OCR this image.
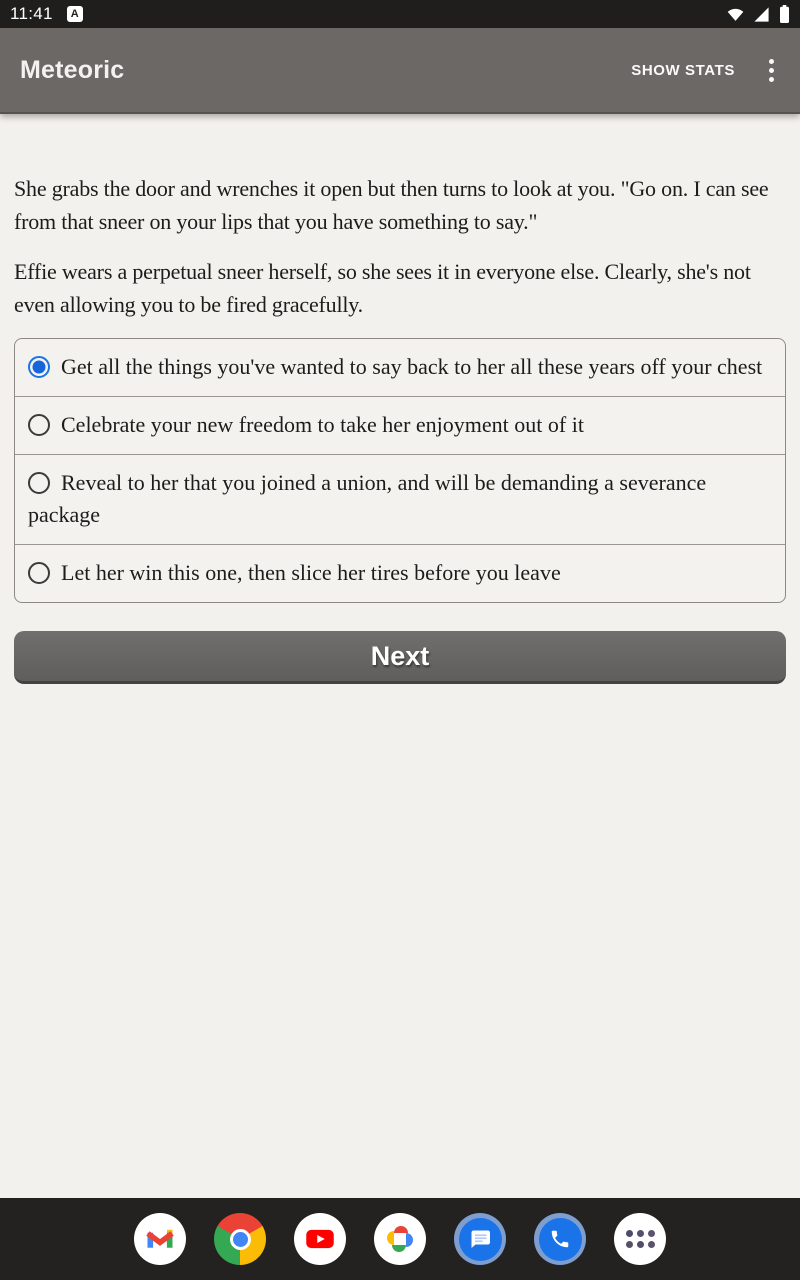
11:41	A
Meteoric	SHOW STATS

She grabs the door and wrenches it open but then turns to look at you. "Go on. I can see from that sneer on your lips that you have something to say."

Effie wears a perpetual sneer herself, so she sees it in everyone else. Clearly, she's not even allowing you to be fired gracefully.

Get all the things you've wanted to say back to her all these years off your chest
Celebrate your new freedom to take her enjoyment out of it
Reveal to her that you joined a union, and will be demanding a severance package
Let her win this one, then slice her tires before you leave
Next
